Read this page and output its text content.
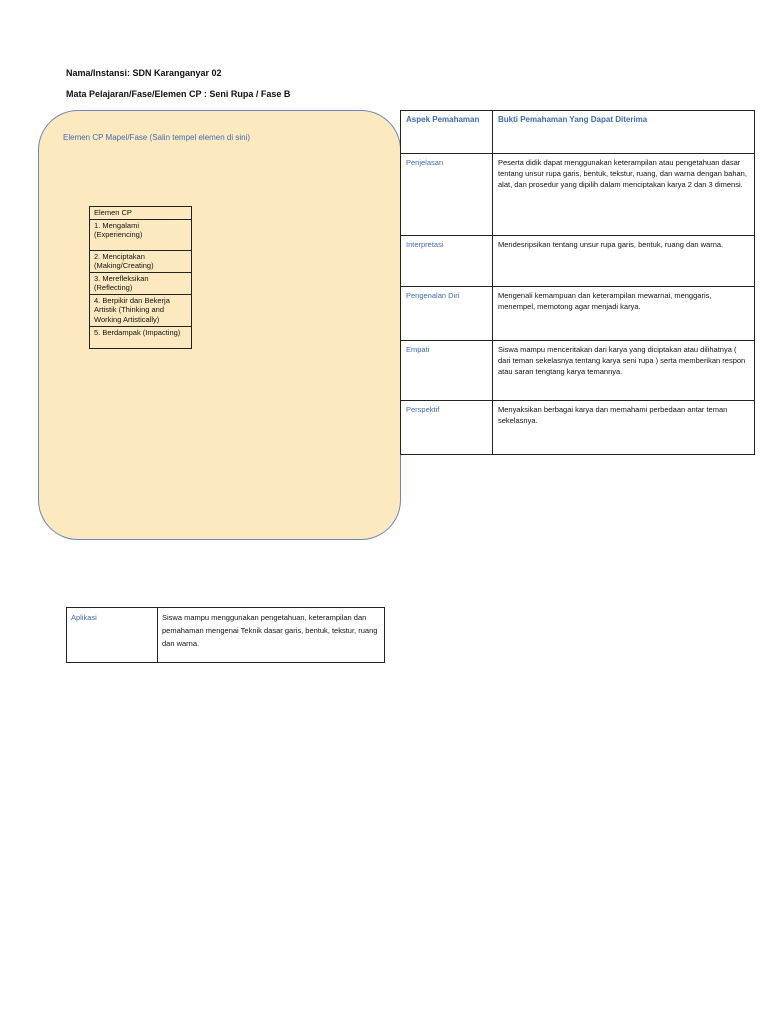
Nama/Instansi: SDN Karanganyar 02
Mata Pelajaran/Fase/Elemen CP : Seni Rupa / Fase B
Elemen CP Mapel/Fase (Salin tempel elemen di sini)
Elemen CP
1. Mengalami (Experiencing)
2. Menciptakan (Making/Creating)
3. Merefleksikan (Reflecting)
4. Berpikir dan Bekerja Artistik (Thinking and Working Artistically)
5. Berdampak (Impacting)
Aspek Pemahaman	Bukti Pemahaman Yang Dapat Diterima
Penjelasan	Peserta didik dapat menggunakan keterampilan atau pengetahuan dasar tentang unsur rupa garis, bentuk, tekstur, ruang, dan warna dengan bahan, alat, dan prosedur yang dipilih dalam menciptakan karya 2 dan 3 dimensi.
Interpretasi	Mendesripsikan tentang unsur rupa garis, bentuk, ruang dan warna.
Pengenalan Diri	Mengenali kemampuan dan keterampilan mewarnai, menggaris, menempel, memotong agar menjadi karya.
Empati	Siswa mampu menceritakan dari karya yang diciptakan atau dilihatnya ( dari teman sekelasnya tentang karya seni rupa ) serta memberikan respon atau saran tengtang karya temannya.
Perspektif	Menyaksikan berbagai karya dan memahami perbedaan antar teman sekelasnya.
Aplikasi	Siswa mampu menggunakan pengetahuan, keterampilan dan pemahaman mengenai Teknik dasar garis, bentuk, tekstur, ruang dan warna.
